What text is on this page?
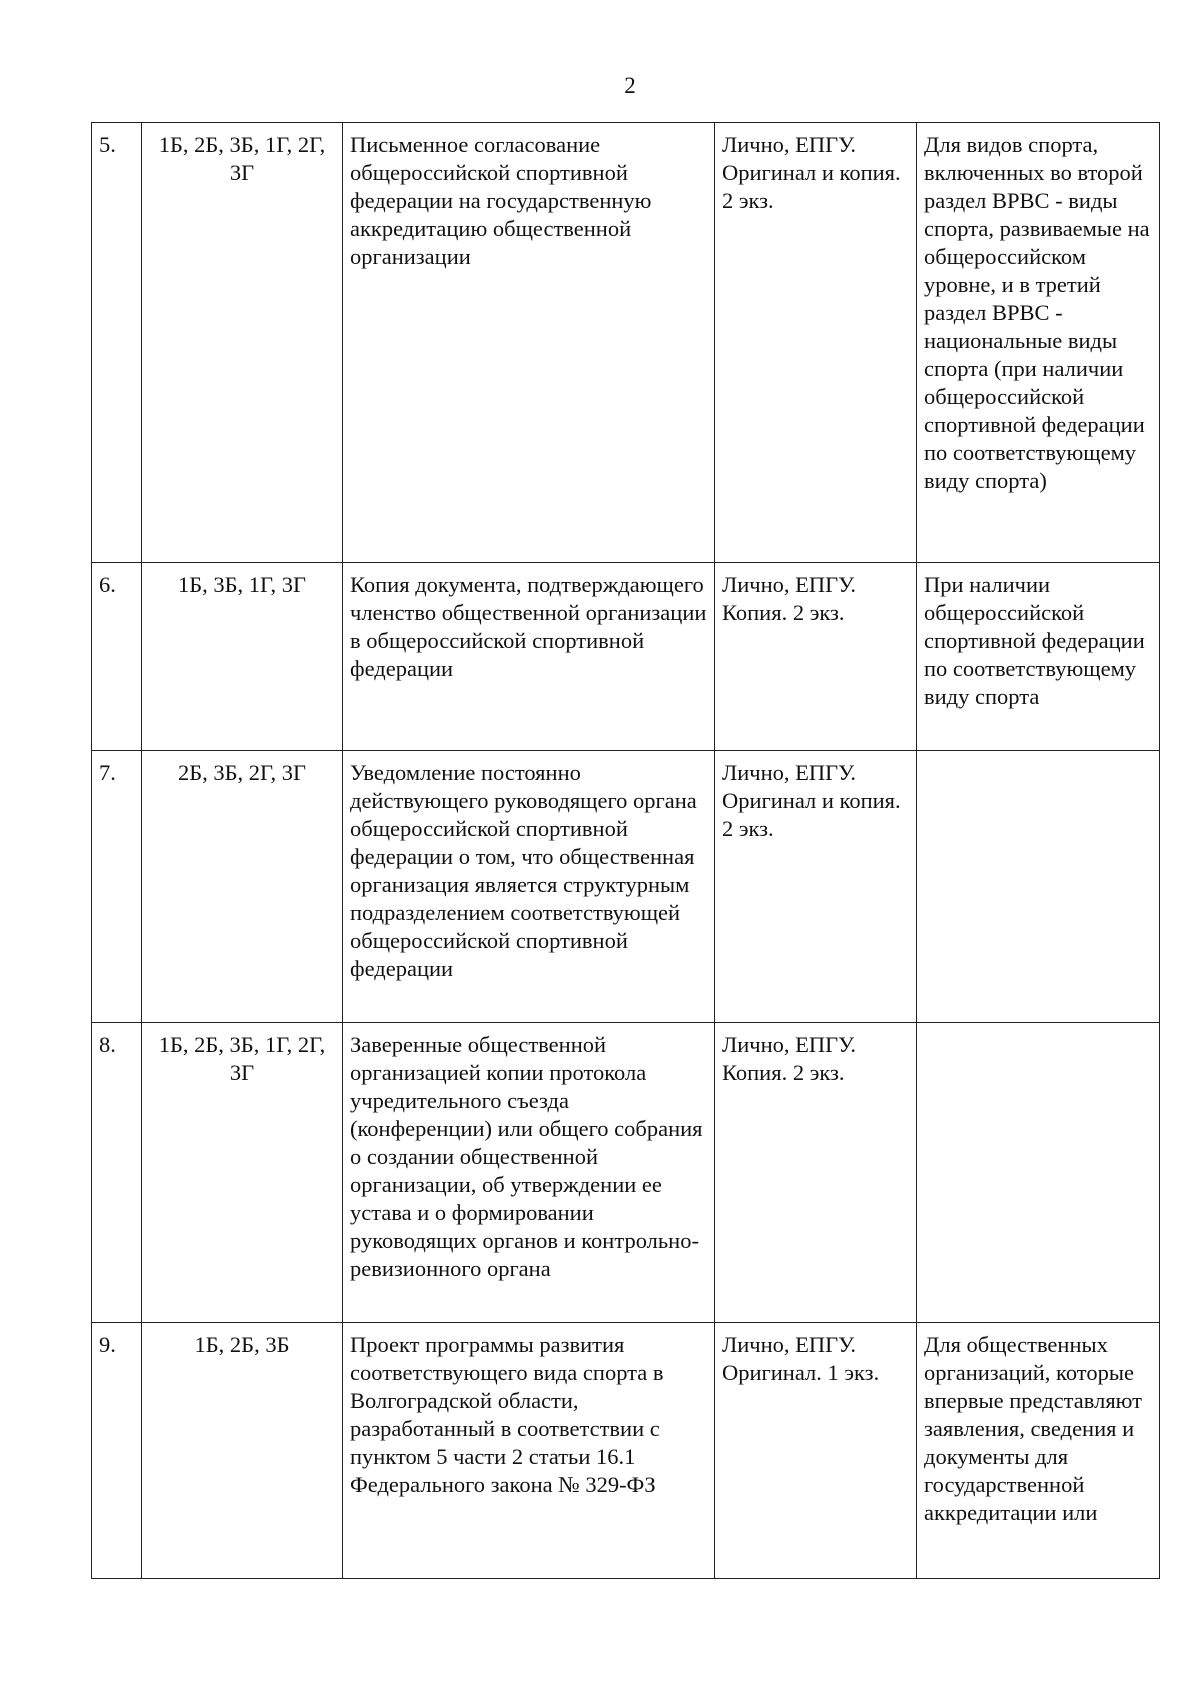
2
5.	1Б, 2Б, 3Б, 1Г, 2Г, 3Г	Письменное согласование общероссийской спортивной федерации на государственную аккредитацию общественной организации	Лично, ЕПГУ. Оригинал и копия. 2 экз.	Для видов спорта, включенных во второй раздел ВРВС - виды спорта, развиваемые на общероссийском уровне, и в третий раздел ВРВС - национальные виды спорта (при наличии общероссийской спортивной федерации по соответствующему виду спорта)
6.	1Б, 3Б, 1Г, 3Г	Копия документа, подтверждающего членство общественной организации в общероссийской спортивной федерации	Лично, ЕПГУ. Копия. 2 экз.	При наличии общероссийской спортивной федерации по соответствующему виду спорта
7.	2Б, 3Б, 2Г, 3Г	Уведомление постоянно действующего руководящего органа общероссийской спортивной федерации о том, что общественная организация является структурным подразделением соответствующей общероссийской спортивной федерации	Лично, ЕПГУ. Оригинал и копия. 2 экз.	
8.	1Б, 2Б, 3Б, 1Г, 2Г, 3Г	Заверенные общественной организацией копии протокола учредительного съезда (конференции) или общего собрания о создании общественной организации, об утверждении ее устава и о формировании руководящих органов и контрольно-ревизионного органа	Лично, ЕПГУ. Копия. 2 экз.	
9.	1Б, 2Б, 3Б	Проект программы развития соответствующего вида спорта в Волгоградской области, разработанный в соответствии с пунктом 5 части 2 статьи 16.1 Федерального закона № 329-ФЗ	Лично, ЕПГУ. Оригинал. 1 экз.	Для общественных организаций, которые впервые представляют заявления, сведения и документы для государственной аккредитации или
